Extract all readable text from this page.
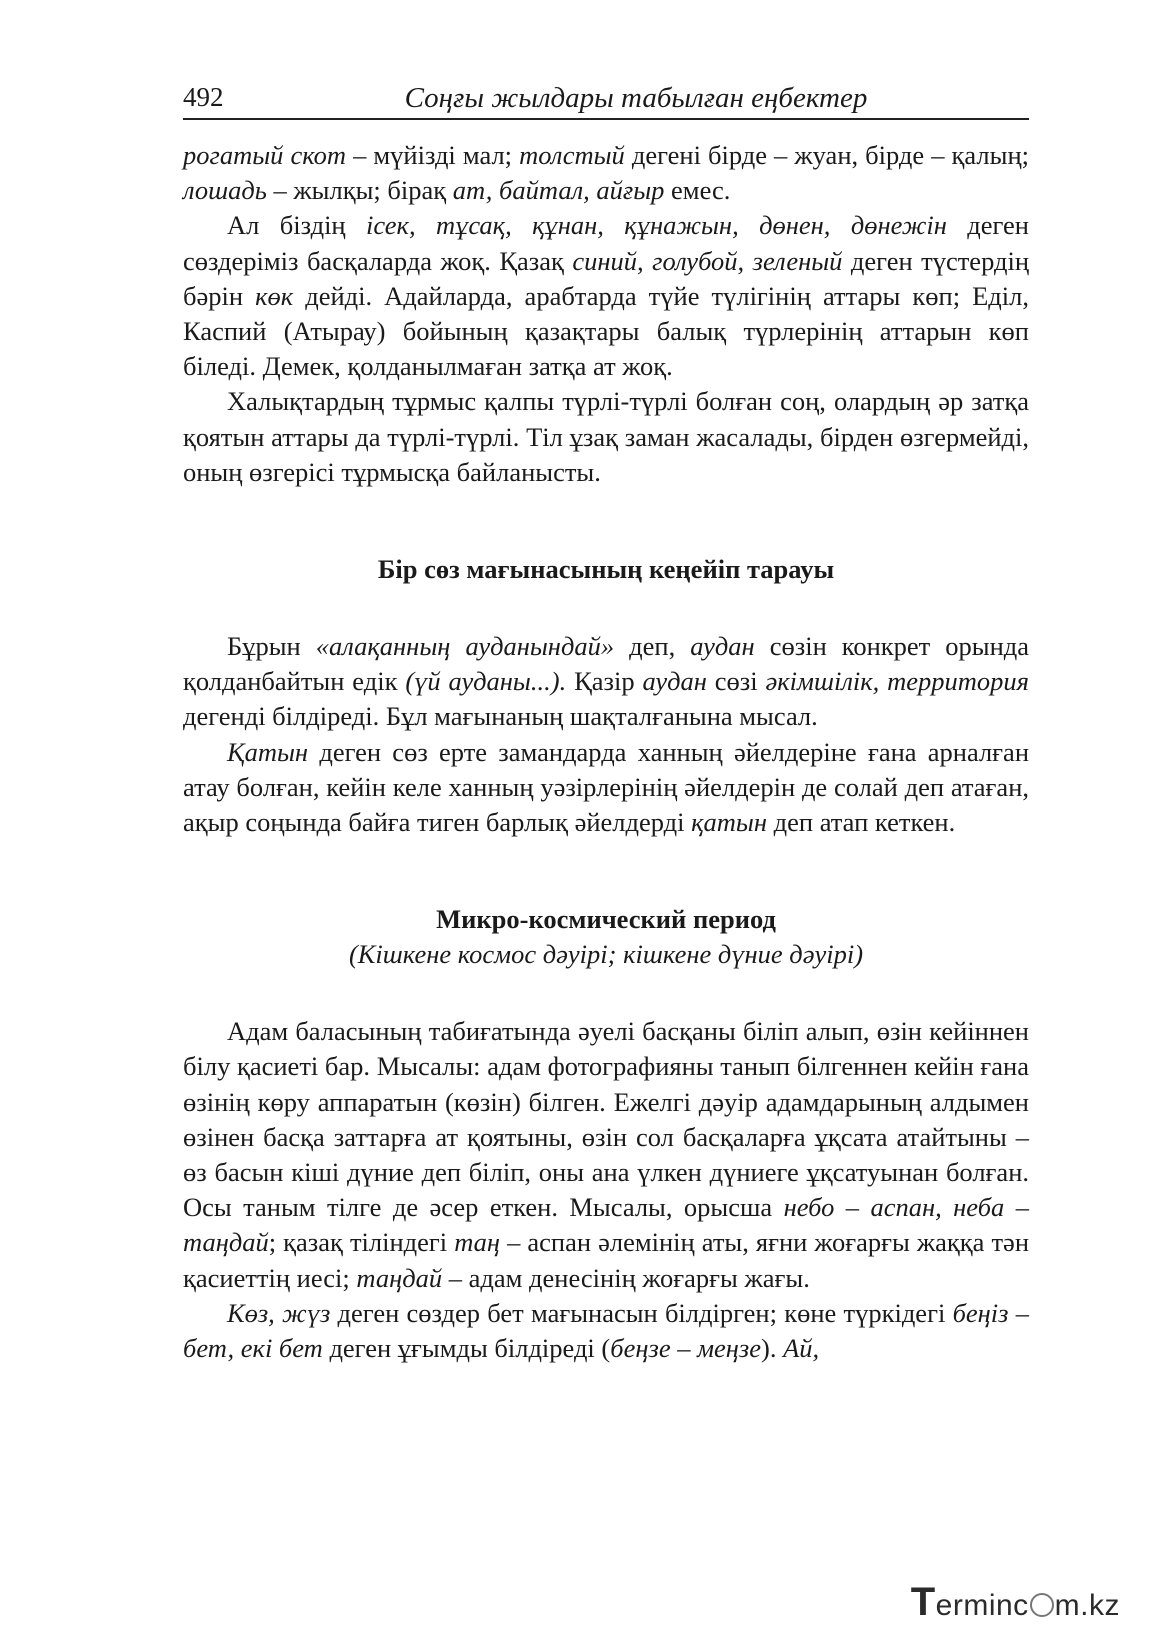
492	Соңғы жылдары табылған еңбектер

рогатый скот – мүйізді мал; толстый дегені бірде – жуан, бірде – қалың; лошадь – жылқы; бірақ ат, байтал, айғыр емес.

Ал біздің ісек, тұсақ, құнан, құнажын, дөнен, дөнежін деген сөздеріміз басқаларда жоқ. Қазақ синий, голубой, зеленый деген түстердің бәрін көк дейді. Адайларда, арабтарда түйе түлігінің аттары көп; Еділ, Каспий (Атырау) бойының қазақтары балық түрлерінің аттарын көп біледі. Демек, қолданылмаған затқа ат жоқ.

Халықтардың тұрмыс қалпы түрлі-түрлі болған соң, олардың әр затқа қоятын аттары да түрлі-түрлі. Тіл ұзақ заман жасалады, бірден өзгермейді, оның өзгерісі тұрмысқа байланысты.

Бір сөз мағынасының кеңейіп тарауы

Бұрын «алақанның ауданындай» деп, аудан сөзін конкрет орында қолданбайтын едік (үй ауданы...). Қазір аудан сөзі әкімшілік, территория дегенді білдіреді. Бұл мағынаның шақталғанына мысал.

Қатын деген сөз ерте замандарда ханның әйелдеріне ғана арналған атау болған, кейін келе ханның уәзірлерінің әйелдерін де солай деп атаған, ақыр соңында байға тиген барлық әйелдерді қатын деп атап кеткен.

Микро-космический период
(Кішкене космос дәуірі; кішкене дүние дәуірі)

Адам баласының табиғатында әуелі басқаны біліп алып, өзін кейіннен білу қасиеті бар. Мысалы: адам фотографияны танып білгеннен кейін ғана өзінің көру аппаратын (көзін) білген. Ежелгі дәуір адамдарының алдымен өзінен басқа заттарға ат қоятыны, өзін сол басқаларға ұқсата атайтыны – өз басын кіші дүние деп біліп, оны ана үлкен дүниеге ұқсатуынан болған. Осы таным тілге де әсер еткен. Мысалы, орысша небо – аспан, неба – таңдай; қазақ тіліндегі таң – аспан әлемінің аты, яғни жоғарғы жаққа тән қасиеттің иесі; таңдай – адам денесінің жоғарғы жағы.

Көз, жүз деген сөздер бет мағынасын білдірген; көне түркідегі беңіз – бет, екі бет деген ұғымды білдіреді (беңзе – меңзе). Ай,

Terminc m.kz
